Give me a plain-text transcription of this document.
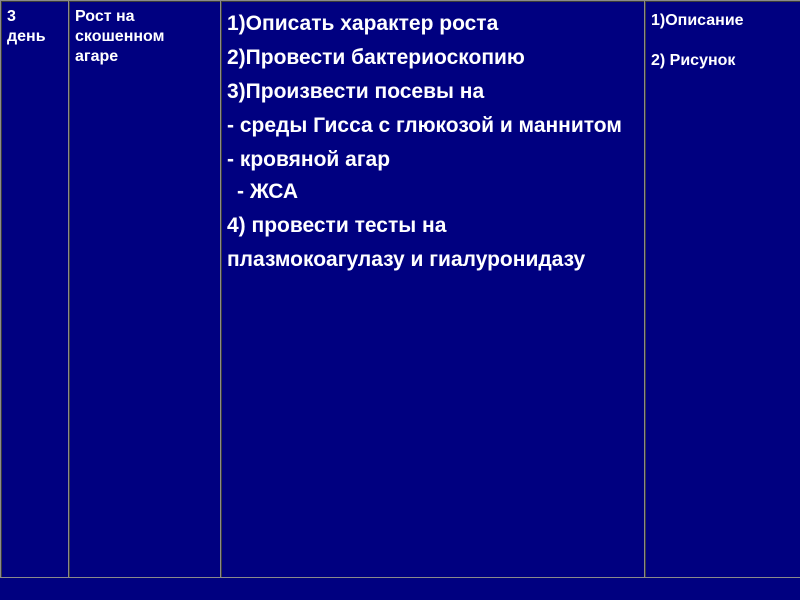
3
день

Рост на
скошенном
агаре

1)Описать характер роста
2)Провести бактериоскопию
3)Произвести посевы на
- среды Гисса с глюкозой и маннитом
- кровяной агар
- ЖСА
4) провести тесты на
плазмокоагулазу и гиалуронидазу

1)Описание
2) Рисунок
